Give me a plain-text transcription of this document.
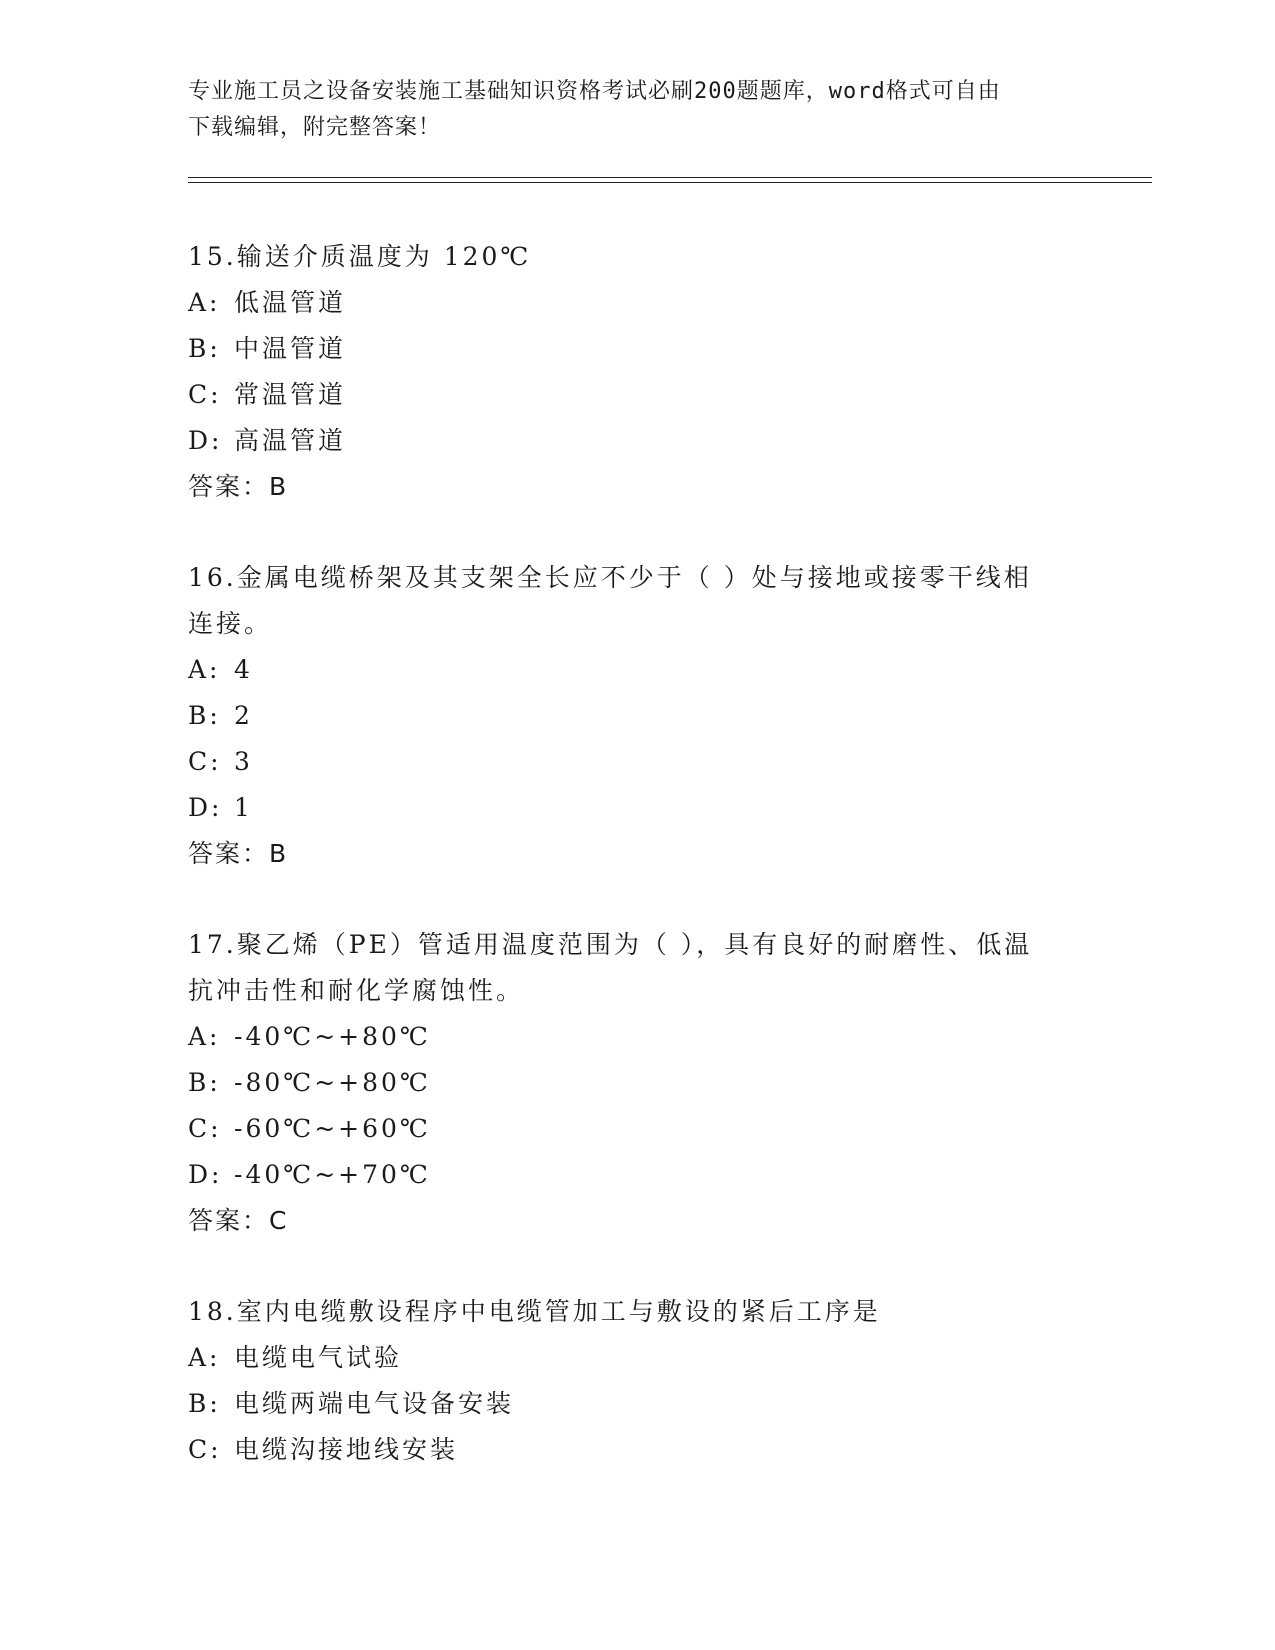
专业施工员之设备安装施工基础知识资格考试必刷200题题库，word格式可自由
下载编辑，附完整答案！
15.输送介质温度为 120℃
A: 低温管道
B: 中温管道
C: 常温管道
D: 高温管道
答案：B
16.金属电缆桥架及其支架全长应不少于（ ）处与接地或接零干线相
连接。
A: 4
B: 2
C: 3
D: 1
答案：B
17.聚乙烯（PE）管适用温度范围为（ ），具有良好的耐磨性、低温
抗冲击性和耐化学腐蚀性。
A: -40℃~+80℃
B: -80℃~+80℃
C: -60℃~+60℃
D: -40℃~+70℃
答案：C
18.室内电缆敷设程序中电缆管加工与敷设的紧后工序是
A: 电缆电气试验
B: 电缆两端电气设备安装
C: 电缆沟接地线安装
